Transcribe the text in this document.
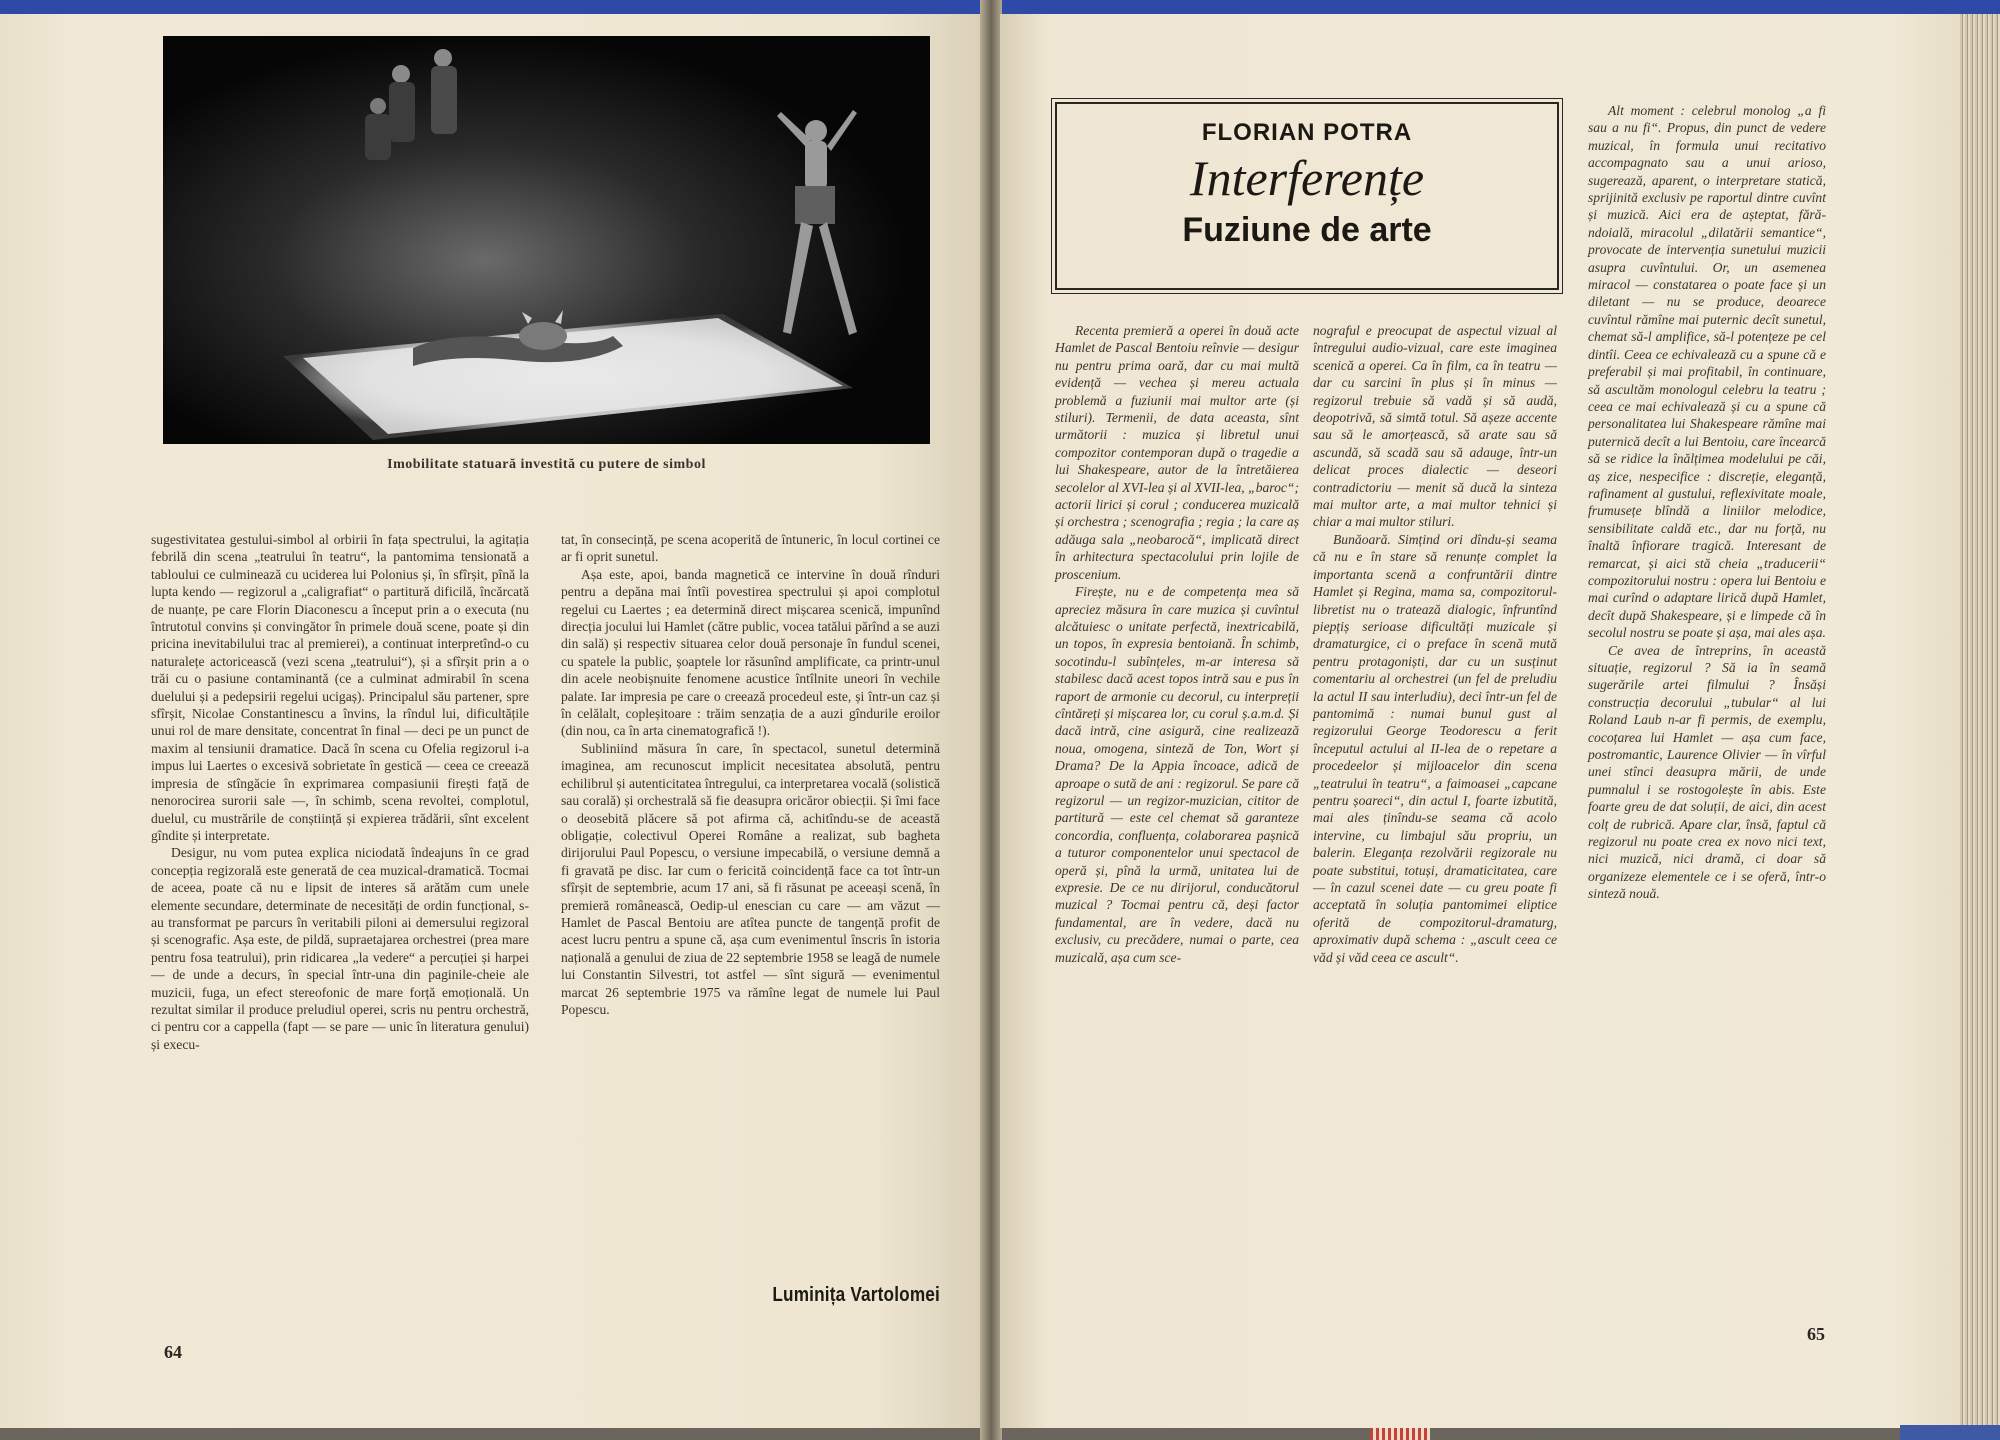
Imobilitate statuară investită cu putere de simbol

sugestivitatea gestului-simbol al orbirii în fața spectrului, la agitația febrilă din scena „teatrului în teatru“, la pantomima tensionată a tabloului ce culminează cu uciderea lui Polonius și, în sfîrșit, pînă la lupta kendo — regizorul a „caligrafiat“ o partitură dificilă, încărcată de nuanțe, pe care Florin Diaconescu a început prin a o executa (nu întrutotul convins și convingător în primele două scene, poate și din pricina inevitabilului trac al premierei), a continuat interpretînd-o cu naturalețe actoricească (vezi scena „teatrului“), și a sfîrșit prin a o trăi cu o pasiune contaminantă (ce a culminat admirabil în scena duelului și a pedepsirii regelui ucigaș). Principalul său partener, spre sfîrșit, Nicolae Constantinescu a învins, la rîndul lui, dificultățile unui rol de mare densitate, concentrat în final — deci pe un punct de maxim al tensiunii dramatice. Dacă în scena cu Ofelia regizorul i-a impus lui Laertes o excesivă sobrietate în gestică — ceea ce creează impresia de stîngăcie în exprimarea compasiunii firești față de nenorocirea surorii sale —, în schimb, scena revoltei, complotul, duelul, cu mustrările de conștiință și expierea trădării, sînt excelent gîndite și interpretate.

Desigur, nu vom putea explica niciodată îndeajuns în ce grad concepția regizorală este generată de cea muzical-dramatică. Tocmai de aceea, poate că nu e lipsit de interes să arătăm cum unele elemente secundare, determinate de necesități de ordin funcțional, s-au transformat pe parcurs în veritabili piloni ai demersului regizoral și scenografic. Așa este, de pildă, supraetajarea orchestrei (prea mare pentru fosa teatrului), prin ridicarea „la vedere“ a percuției și harpei — de unde a decurs, în special într-una din paginile-cheie ale muzicii, fuga, un efect stereofonic de mare forță emoțională. Un rezultat similar il produce preludiul operei, scris nu pentru orchestră, ci pentru cor a cappella (fapt — se pare — unic în literatura genului) și execu-

tat, în consecință, pe scena acoperită de întuneric, în locul cortinei ce ar fi oprit sunetul.

Așa este, apoi, banda magnetică ce intervine în două rînduri pentru a depăna mai întîi povestirea spectrului și apoi complotul regelui cu Laertes ; ea determină direct mișcarea scenică, impunînd direcția jocului lui Hamlet (către public, vocea tatălui părînd a se auzi din sală) și respectiv situarea celor două personaje în fundul scenei, cu spatele la public, șoaptele lor răsunînd amplificate, ca printr-unul din acele neobișnuite fenomene acustice întîlnite uneori în vechile palate. Iar impresia pe care o creează procedeul este, și într-un caz și în celălalt, copleșitoare : trăim senzația de a auzi gîndurile eroilor (din nou, ca în arta cinematografică !).

Subliniind măsura în care, în spectacol, sunetul determină imaginea, am recunoscut implicit necesitatea absolută, pentru echilibrul și autenticitatea întregului, ca interpretarea vocală (solistică sau corală) și orchestrală să fie deasupra oricăror obiecții. Și îmi face o deosebită plăcere să pot afirma că, achitîndu-se de această obligație, colectivul Operei Române a realizat, sub bagheta dirijorului Paul Popescu, o versiune impecabilă, o versiune demnă a fi gravată pe disc. Iar cum o fericită coincidență face ca tot într-un sfîrșit de septembrie, acum 17 ani, să fi răsunat pe aceeași scenă, în premieră românească, Oedip-ul enescian cu care — am văzut — Hamlet de Pascal Bentoiu are atîtea puncte de tangență profit de acest lucru pentru a spune că, așa cum evenimentul înscris în istoria națională a genului de ziua de 22 septembrie 1958 se leagă de numele lui Constantin Silvestri, tot astfel — sînt sigură — evenimentul marcat 26 septembrie 1975 va rămîne legat de numele lui Paul Popescu.

Luminița Vartolomei
64
FLORIAN POTRA
Interferențe
Fuziune de arte

Recenta premieră a operei în două acte Hamlet de Pascal Bentoiu reînvie — desigur nu pentru prima oară, dar cu mai multă evidență — vechea și mereu actuala problemă a fuziunii mai multor arte (și stiluri). Termenii, de data aceasta, sînt următorii : muzica și libretul unui compozitor contemporan după o tragedie a lui Shakespeare, autor de la întretăierea secolelor al XVI-lea și al XVII-lea, „baroc“; actorii lirici și corul ; conducerea muzicală și orchestra ; scenografia ; regia ; la care aș adăuga sala „neobarocă“, implicată direct în arhitectura spectacolului prin lojile de proscenium.

Firește, nu e de competența mea să apreciez măsura în care muzica și cuvîntul alcătuiesc o unitate perfectă, inextricabilă, un topos, în expresia bentoiană. În schimb, socotindu-l subînțeles, m-ar interesa să stabilesc dacă acest topos intră sau e pus în raport de armonie cu decorul, cu interpreții cîntăreți și mișcarea lor, cu corul ș.a.m.d. Și dacă intră, cine asigură, cine realizează noua, omogena, sinteză de Ton, Wort și Drama? De la Appia încoace, adică de aproape o sută de ani : regizorul. Se pare că regizorul — un regizor-muzician, cititor de partitură — este cel chemat să garanteze concordia, confluența, colaborarea pașnică a tuturor componentelor unui spectacol de operă și, pînă la urmă, unitatea lui de expresie. De ce nu dirijorul, conducătorul muzical ? Tocmai pentru că, deși factor fundamental, are în vedere, dacă nu exclusiv, cu precădere, numai o parte, cea muzicală, așa cum sce-

nograful e preocupat de aspectul vizual al întregului audio-vizual, care este imaginea scenică a operei. Ca în film, ca în teatru — dar cu sarcini în plus și în minus — regizorul trebuie să vadă și să audă, deopotrivă, să simtă totul. Să așeze accente sau să le amorțească, să arate sau să ascundă, să scadă sau să adauge, într-un delicat proces dialectic — deseori contradictoriu — menit să ducă la sinteza mai multor arte, a mai multor tehnici și chiar a mai multor stiluri.

Bunăoară. Simțind ori dîndu-și seama că nu e în stare să renunțe complet la importanta scenă a confruntării dintre Hamlet și Regina, mama sa, compozitorul-libretist nu o tratează dialogic, înfruntînd piepțiș serioase dificultăți muzicale și dramaturgice, ci o preface în scenă mută pentru protagoniști, dar cu un susținut comentariu al orchestrei (un fel de preludiu la actul II sau interludiu), deci într-un fel de pantomimă : numai bunul gust al regizorului George Teodorescu a ferit începutul actului al II-lea de o repetare a procedeelor și mijloacelor din scena „teatrului în teatru“, a faimoasei „capcane pentru șoareci“, din actul I, foarte izbutită, mai ales ținîndu-se seama că acolo intervine, cu limbajul său propriu, un balerin. Eleganța rezolvării regizorale nu poate substitui, totuși, dramaticitatea, care — în cazul scenei date — cu greu poate fi acceptată în soluția pantomimei eliptice oferită de compozitorul-dramaturg, aproximativ după schema : „ascult ceea ce văd și văd ceea ce ascult“.

Alt moment : celebrul monolog „a fi sau a nu fi“. Propus, din punct de vedere muzical, în formula unui recitativo accompagnato sau a unui arioso, sugerează, aparent, o interpretare statică, sprijinită exclusiv pe raportul dintre cuvînt și muzică. Aici era de așteptat, fără-ndoială, miracolul „dilatării semantice“, provocate de intervenția sunetului muzicii asupra cuvîntului. Or, un asemenea miracol — constatarea o poate face și un diletant — nu se produce, deoarece cuvîntul rămîne mai puternic decît sunetul, chemat să-l amplifice, să-l potențeze pe cel dintîi. Ceea ce echivalează cu a spune că e preferabil și mai profitabil, în continuare, să ascultăm monologul celebru la teatru ; ceea ce mai echivalează și cu a spune că personalitatea lui Shakespeare rămîne mai puternică decît a lui Bentoiu, care încearcă să se ridice la înălțimea modelului pe căi, aș zice, nespecifice : discreție, eleganță, rafinament al gustului, reflexivitate moale, frumusețe blîndă a liniilor melodice, sensibilitate caldă etc., dar nu forță, nu înaltă înfiorare tragică. Interesant de remarcat, și aici stă cheia „traducerii“ compozitorului nostru : opera lui Bentoiu e mai curînd o adaptare lirică după Hamlet, decît după Shakespeare, și e limpede că în secolul nostru se poate și așa, mai ales așa.

Ce avea de întreprins, în această situație, regizorul ? Să ia în seamă sugerările artei filmului ? Însăși construcția decorului „tubular“ al lui Roland Laub n-ar fi permis, de exemplu, cocoțarea lui Hamlet — așa cum face, postromantic, Laurence Olivier — în vîrful unei stînci deasupra mării, de unde pumnalul i se rostogolește în abis. Este foarte greu de dat soluții, de aici, din acest colț de rubrică. Apare clar, însă, faptul că regizorul nu poate crea ex novo nici text, nici muzică, nici dramă, ci doar să organizeze elementele ce i se oferă, într-o sinteză nouă.

65
